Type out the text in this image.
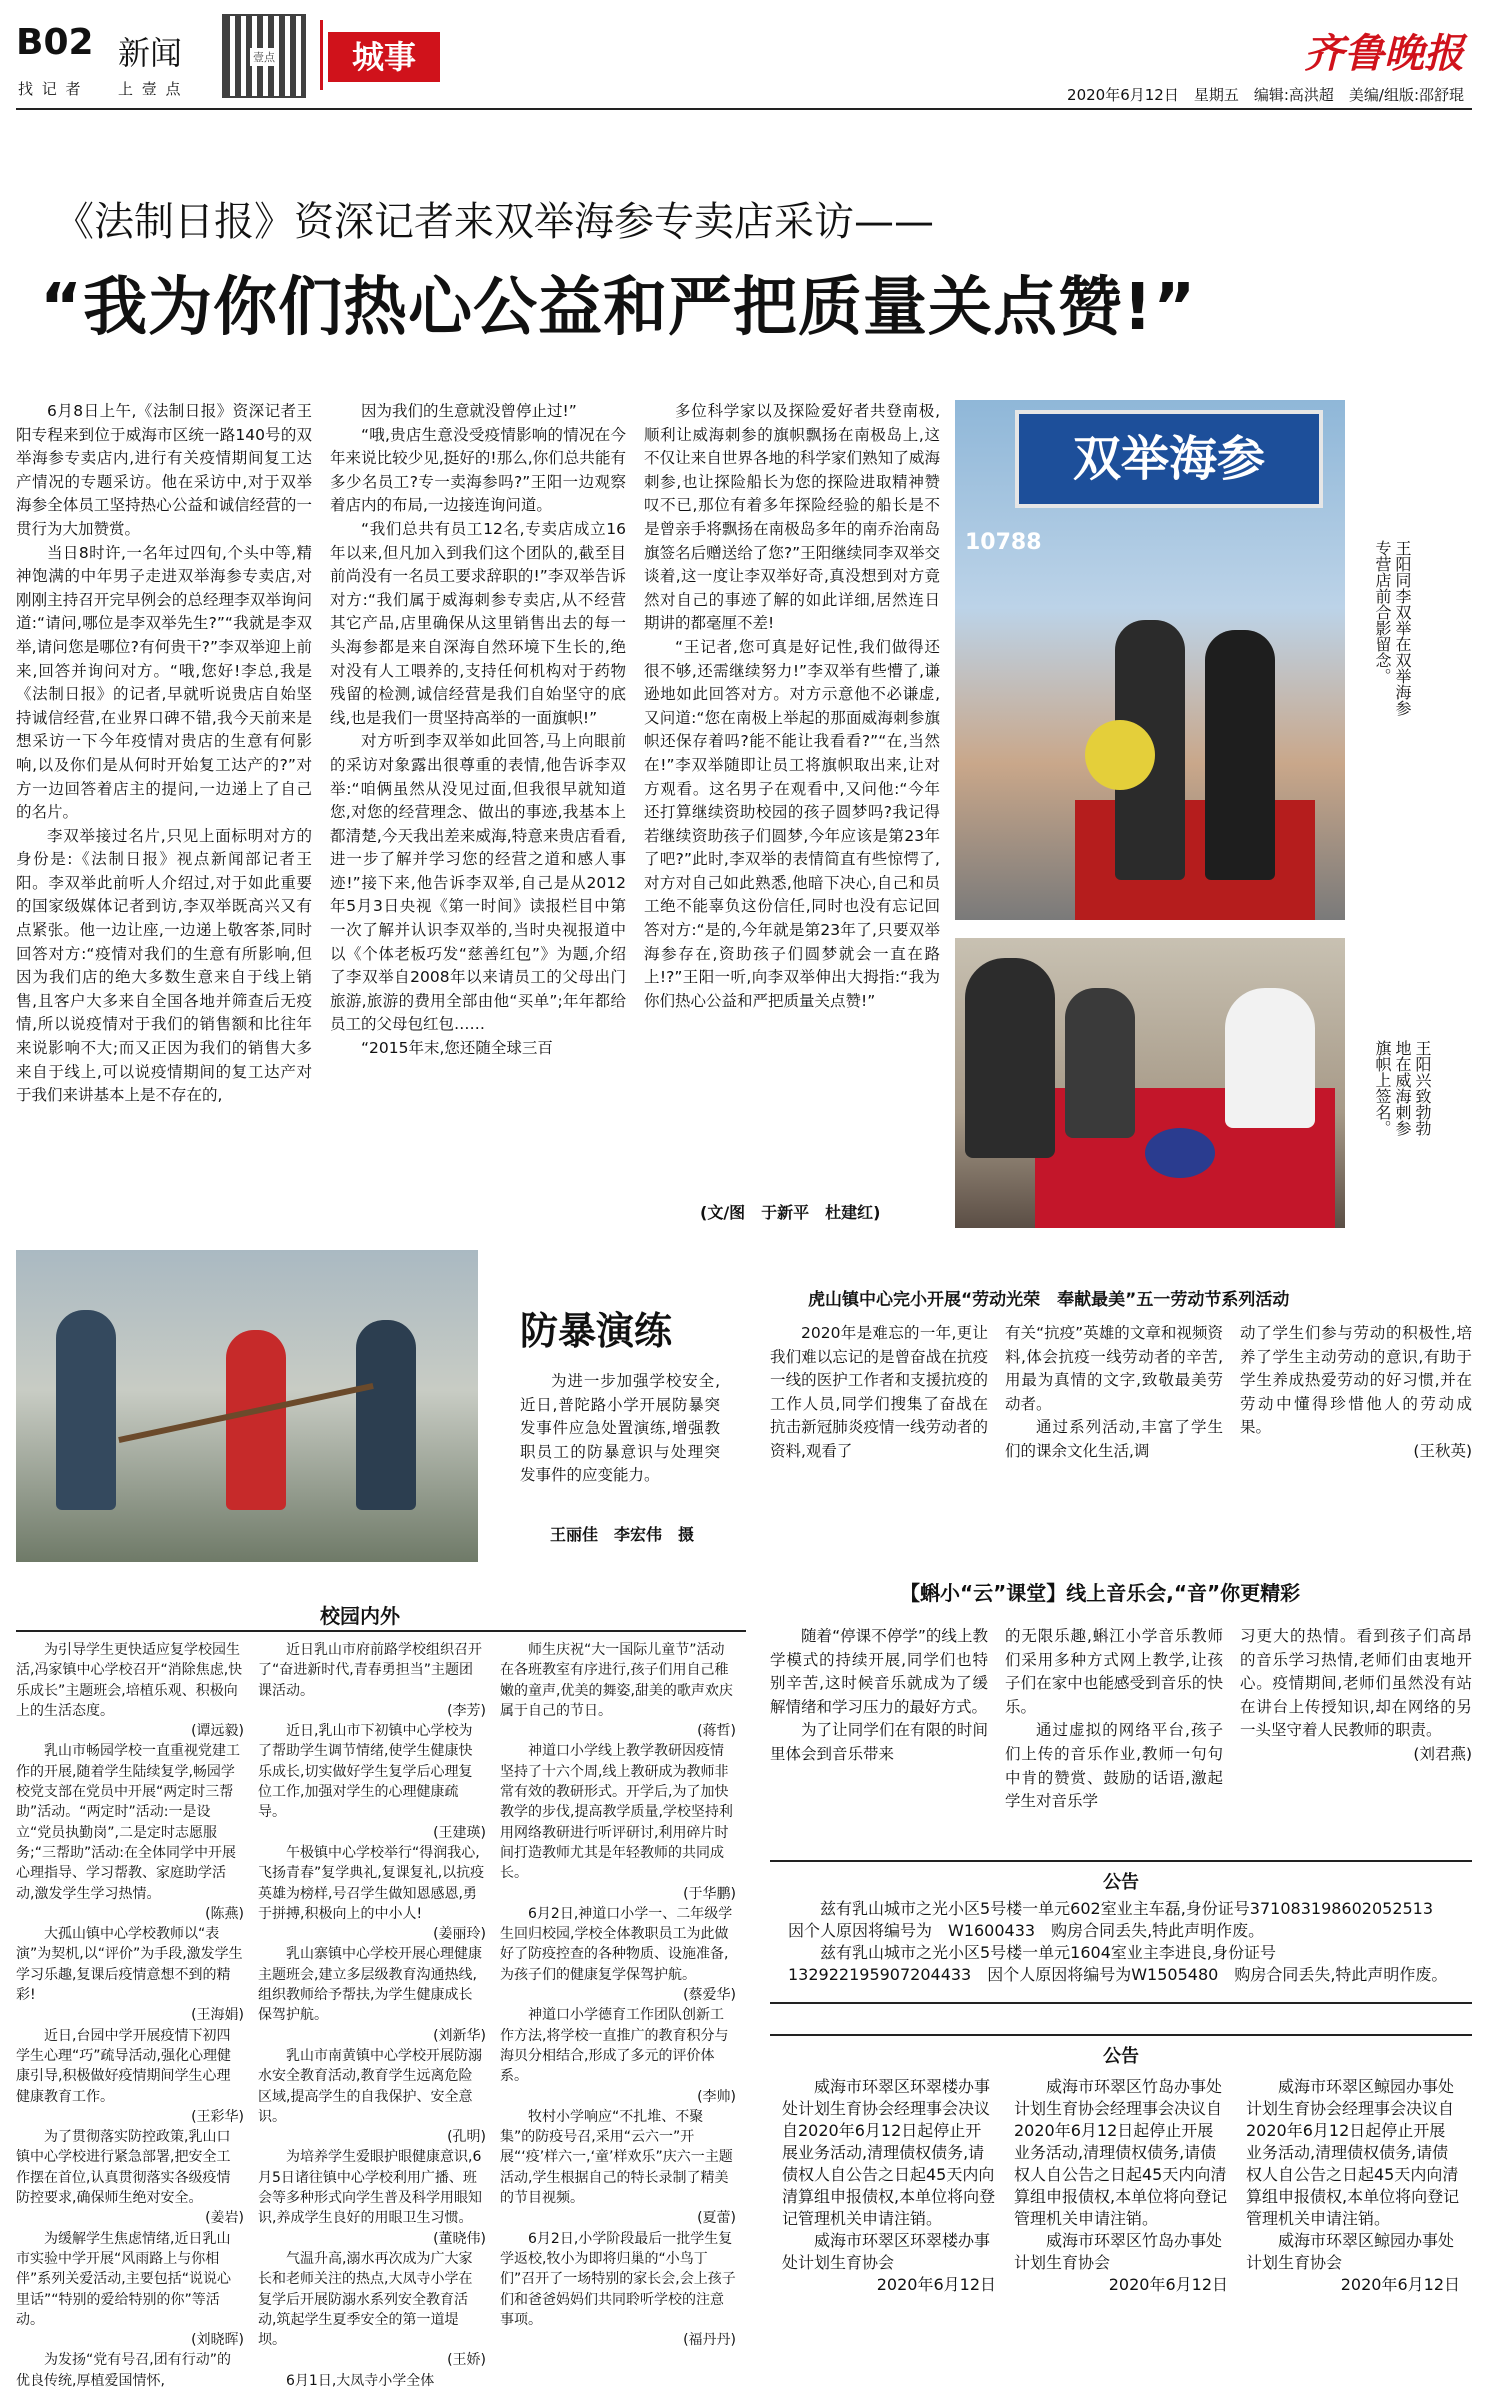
B02 新闻
找 记 者 上 壹 点
壹点	城事	齐鲁晚报
2020年6月12日　星期五　编辑:高洪超　美编/组版:邵舒琨
《法制日报》资深记者来双举海参专卖店采访——
“我为你们热心公益和严把质量关点赞!”

6月8日上午,《法制日报》资深记者王阳专程来到位于威海市区统一路140号的双举海参专卖店内,进行有关疫情期间复工达产情况的专题采访。他在采访中,对于双举海参全体员工坚持热心公益和诚信经营的一贯行为大加赞赏。

当日8时许,一名年过四旬,个头中等,精神饱满的中年男子走进双举海参专卖店,对刚刚主持召开完早例会的总经理李双举询问道:“请问,哪位是李双举先生?”“我就是李双举,请问您是哪位?有何贵干?”李双举迎上前来,回答并询问对方。“哦,您好!李总,我是《法制日报》的记者,早就听说贵店自始坚持诚信经营,在业界口碑不错,我今天前来是想采访一下今年疫情对贵店的生意有何影响,以及你们是从何时开始复工达产的?”对方一边回答着店主的提问,一边递上了自己的名片。

李双举接过名片,只见上面标明对方的身份是:《法制日报》视点新闻部记者王阳。李双举此前听人介绍过,对于如此重要的国家级媒体记者到访,李双举既高兴又有点紧张。他一边让座,一边递上敬客茶,同时回答对方:“疫情对我们的生意有所影响,但因为我们店的绝大多数生意来自于线上销售,且客户大多来自全国各地并筛查后无疫情,所以说疫情对于我们的销售额和比往年来说影响不大;而又正因为我们的销售大多来自于线上,可以说疫情期间的复工达产对于我们来讲基本上是不存在的,

因为我们的生意就没曾停止过!”

“哦,贵店生意没受疫情影响的情况在今年来说比较少见,挺好的!那么,你们总共能有多少名员工?专一卖海参吗?”王阳一边观察着店内的布局,一边接连询问道。

“我们总共有员工12名,专卖店成立16年以来,但凡加入到我们这个团队的,截至目前尚没有一名员工要求辞职的!”李双举告诉对方:“我们属于威海刺参专卖店,从不经营其它产品,店里确保从这里销售出去的每一头海参都是来自深海自然环境下生长的,绝对没有人工喂养的,支持任何机构对于药物残留的检测,诚信经营是我们自始坚守的底线,也是我们一贯坚持高举的一面旗帜!”

对方听到李双举如此回答,马上向眼前的采访对象露出很尊重的表情,他告诉李双举:“咱俩虽然从没见过面,但我很早就知道您,对您的经营理念、做出的事迹,我基本上都清楚,今天我出差来威海,特意来贵店看看,进一步了解并学习您的经营之道和感人事迹!”接下来,他告诉李双举,自己是从2012年5月3日央视《第一时间》读报栏目中第一次了解并认识李双举的,当时央视报道中以《个体老板巧发“慈善红包”》为题,介绍了李双举自2008年以来请员工的父母出门旅游,旅游的费用全部由他“买单”;年年都给员工的父母包红包……

“2015年末,您还随全球三百

多位科学家以及探险爱好者共登南极,顺利让威海刺参的旗帜飘扬在南极岛上,这不仅让来自世界各地的科学家们熟知了威海刺参,也让探险船长为您的探险进取精神赞叹不已,那位有着多年探险经验的船长是不是曾亲手将飘扬在南极岛多年的南乔治南岛旗签名后赠送给了您?”王阳继续同李双举交谈着,这一度让李双举好奇,真没想到对方竟然对自己的事迹了解的如此详细,居然连日期讲的都毫厘不差!

“王记者,您可真是好记性,我们做得还很不够,还需继续努力!”李双举有些懵了,谦逊地如此回答对方。对方示意他不必谦虚,又问道:“您在南极上举起的那面威海刺参旗帜还保存着吗?能不能让我看看?”“在,当然在!”李双举随即让员工将旗帜取出来,让对方观看。这名男子在观看中,又问他:“今年还打算继续资助校园的孩子圆梦吗?我记得若继续资助孩子们圆梦,今年应该是第23年了吧?”此时,李双举的表情简直有些惊愕了,对方对自己如此熟悉,他暗下决心,自己和员工绝不能辜负这份信任,同时也没有忘记回答对方:“是的,今年就是第23年了,只要双举海参存在,资助孩子们圆梦就会一直在路上!?”王阳一听,向李双举伸出大拇指:“我为你们热心公益和严把质量关点赞!”

(文/图　于新平　杜建红)
双举海参
10788	王阳同李双举在双举海参专营店前合影留念。
王阳兴致勃勃地在威海刺参旗帜上签名。
防暴演练

为进一步加强学校安全,近日,普陀路小学开展防暴突发事件应急处置演练,增强教职员工的防暴意识与处理突发事件的应变能力。

王丽佳　李宏伟　摄
虎山镇中心完小开展“劳动光荣　奉献最美”五一劳动节系列活动

2020年是难忘的一年,更让我们难以忘记的是曾奋战在抗疫一线的医护工作者和支援抗疫的工作人员,同学们搜集了奋战在抗击新冠肺炎疫情一线劳动者的资料,观看了

有关“抗疫”英雄的文章和视频资料,体会抗疫一线劳动者的辛苦,用最为真情的文字,致敬最美劳动者。

通过系列活动,丰富了学生们的课余文化生活,调

动了学生们参与劳动的积极性,培养了学生主动劳动的意识,有助于学生养成热爱劳动的好习惯,并在劳动中懂得珍惜他人的劳动成果。

(王秋英)

【蝌小“云”课堂】线上音乐会,“音”你更精彩

随着“停课不停学”的线上教学模式的持续开展,同学们也特别辛苦,这时候音乐就成为了缓解情绪和学习压力的最好方式。

为了让同学们在有限的时间里体会到音乐带来

的无限乐趣,蝌江小学音乐教师们采用多种方式网上教学,让孩子们在家中也能感受到音乐的快乐。

通过虚拟的网络平台,孩子们上传的音乐作业,教师一句句中肯的赞赏、鼓励的话语,激起学生对音乐学

习更大的热情。看到孩子们高昂的音乐学习热情,老师们由衷地开心。疫情期间,老师们虽然没有站在讲台上传授知识,却在网络的另一头坚守着人民教师的职责。

(刘君燕)

校园内外

为引导学生更快适应复学校园生活,冯家镇中心学校召开“消除焦虑,快乐成长”主题班会,培植乐观、积极向上的生活态度。

(谭远毅)

乳山市畅园学校一直重视党建工作的开展,随着学生陆续复学,畅园学校党支部在党员中开展“两定时三帮助”活动。“两定时”活动:一是设立“党员执勤岗”,二是定时志愿服务;“三帮助”活动:在全体同学中开展心理指导、学习帮教、家庭助学活动,激发学生学习热情。

(陈燕)

大孤山镇中心学校教师以“表演”为契机,以“评价”为手段,激发学生学习乐趣,复课后疫情意想不到的精彩!

(王海娟)

近日,台园中学开展疫情下初四学生心理“巧”疏导活动,强化心理健康引导,积极做好疫情期间学生心理健康教育工作。

(王彩华)

为了贯彻落实防控政策,乳山口镇中心学校进行紧急部署,把安全工作摆在首位,认真贯彻落实各级疫情防控要求,确保师生绝对安全。

(姜岩)

为缓解学生焦虑情绪,近日乳山市实验中学开展“风雨路上与你相伴”系列关爱活动,主要包括“说说心里话”“特别的爱给特别的你”等活动。

(刘晓晖)

为发扬“党有号召,团有行动”的优良传统,厚植爱国情怀,

近日乳山市府前路学校组织召开了“奋进新时代,青春勇担当”主题团课活动。

(李芳)

近日,乳山市下初镇中心学校为了帮助学生调节情绪,使学生健康快乐成长,切实做好学生复学后心理复位工作,加强对学生的心理健康疏导。

(王建瑛)

午极镇中心学校举行“得润我心,飞扬青春”复学典礼,复课复礼,以抗疫英雄为榜样,号召学生做知恩感恩,勇于拼搏,积极向上的中小人!

(姜丽玲)

乳山寨镇中心学校开展心理健康主题班会,建立多层级教育沟通热线,组织教师给予帮扶,为学生健康成长保驾护航。

(刘新华)

乳山市南黄镇中心学校开展防溺水安全教育活动,教育学生远离危险区域,提高学生的自我保护、安全意识。

(孔明)

为培养学生爱眼护眼健康意识,6月5日诸往镇中心学校利用广播、班会等多种形式向学生普及科学用眼知识,养成学生良好的用眼卫生习惯。

(董晓伟)

气温升高,溺水再次成为广大家长和老师关注的热点,大凤寺小学在复学后开展防溺水系列安全教育活动,筑起学生夏季安全的第一道堤坝。

(王娇)

6月1日,大凤寺小学全体

师生庆祝“大一国际儿童节”活动在各班教室有序进行,孩子们用自己稚嫩的童声,优美的舞姿,甜美的歌声欢庆属于自己的节日。

(蒋哲)

神道口小学线上教学教研因疫情坚持了十六个周,线上教研成为教师非常有效的教研形式。开学后,为了加快教学的步伐,提高教学质量,学校坚持利用网络教研进行听评研讨,利用碎片时间打造教师尤其是年轻教师的共同成长。

(于华鹏)

6月2日,神道口小学一、二年级学生回归校园,学校全体教职员工为此做好了防疫控查的各种物质、设施准备,为孩子们的健康复学保驾护航。

(蔡爱华)

神道口小学德育工作团队创新工作方法,将学校一直推广的教育积分与海贝分相结合,形成了多元的评价体系。

(李帅)

牧村小学响应“不扎堆、不聚集”的防疫号召,采用“云六一”开展“‘疫’样六一,‘童’样欢乐”庆六一主题活动,学生根据自己的特长录制了精美的节目视频。

(夏蕾)

6月2日,小学阶段最后一批学生复学返校,牧小为即将归巢的“小鸟丁们”召开了一场特别的家长会,会上孩子们和爸爸妈妈们共同聆听学校的注意事项。

(福丹丹)

公告

兹有乳山城市之光小区5号楼一单元602室业主车磊,身份证号371083198602052513　因个人原因将编号为　W1600433　购房合同丢失,特此声明作废。

兹有乳山城市之光小区5号楼一单元1604室业主李进良,身份证号132922195907204433　因个人原因将编号为W1505480　购房合同丢失,特此声明作废。

公告

威海市环翠区环翠楼办事处计划生育协会经理事会决议自2020年6月12日起停止开展业务活动,清理债权债务,请债权人自公告之日起45天内向清算组申报债权,本单位将向登记管理机关申请注销。

威海市环翠区环翠楼办事处计划生育协会

2020年6月12日

威海市环翠区竹岛办事处计划生育协会经理事会决议自2020年6月12日起停止开展业务活动,清理债权债务,请债权人自公告之日起45天内向清算组申报债权,本单位将向登记管理机关申请注销。

威海市环翠区竹岛办事处计划生育协会

2020年6月12日

威海市环翠区鲸园办事处计划生育协会经理事会决议自2020年6月12日起停止开展业务活动,清理债权债务,请债权人自公告之日起45天内向清算组申报债权,本单位将向登记管理机关申请注销。

威海市环翠区鲸园办事处计划生育协会

2020年6月12日
